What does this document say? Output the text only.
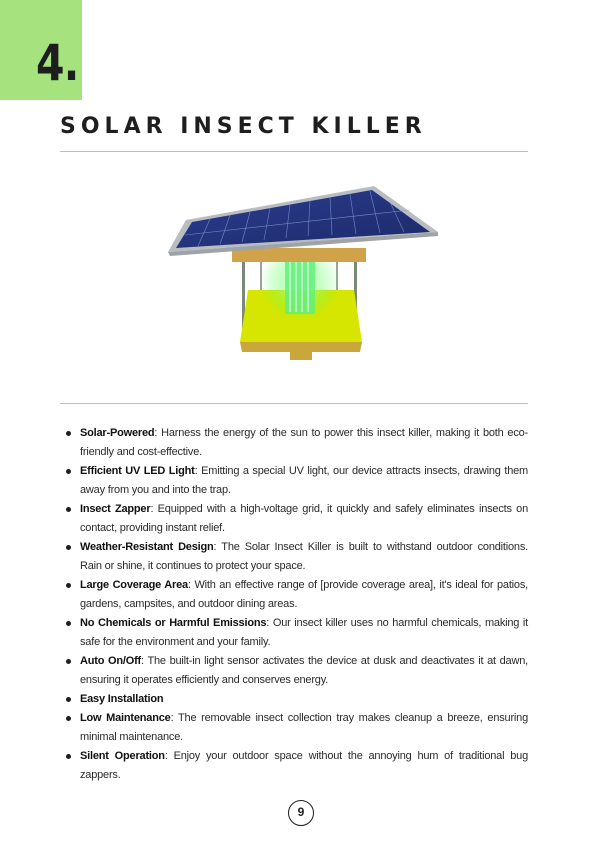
4.
SOLAR INSECT KILLER
Solar-Powered: Harness the energy of the sun to power this insect killer, making it both eco-friendly and cost-effective.
Efficient UV LED Light: Emitting a special UV light, our device attracts insects, drawing them away from you and into the trap.
Insect Zapper: Equipped with a high-voltage grid, it quickly and safely eliminates insects on contact, providing instant relief.
Weather-Resistant Design: The Solar Insect Killer is built to withstand outdoor conditions. Rain or shine, it continues to protect your space.
Large Coverage Area: With an effective range of [provide coverage area], it's ideal for patios, gardens, campsites, and outdoor dining areas.
No Chemicals or Harmful Emissions: Our insect killer uses no harmful chemicals, making it safe for the environment and your family.
Auto On/Off: The built-in light sensor activates the device at dusk and deactivates it at dawn, ensuring it operates efficiently and conserves energy.
Easy Installation
Low Maintenance: The removable insect collection tray makes cleanup a breeze, ensuring minimal maintenance.
Silent Operation: Enjoy your outdoor space without the annoying hum of traditional bug zappers.
9
